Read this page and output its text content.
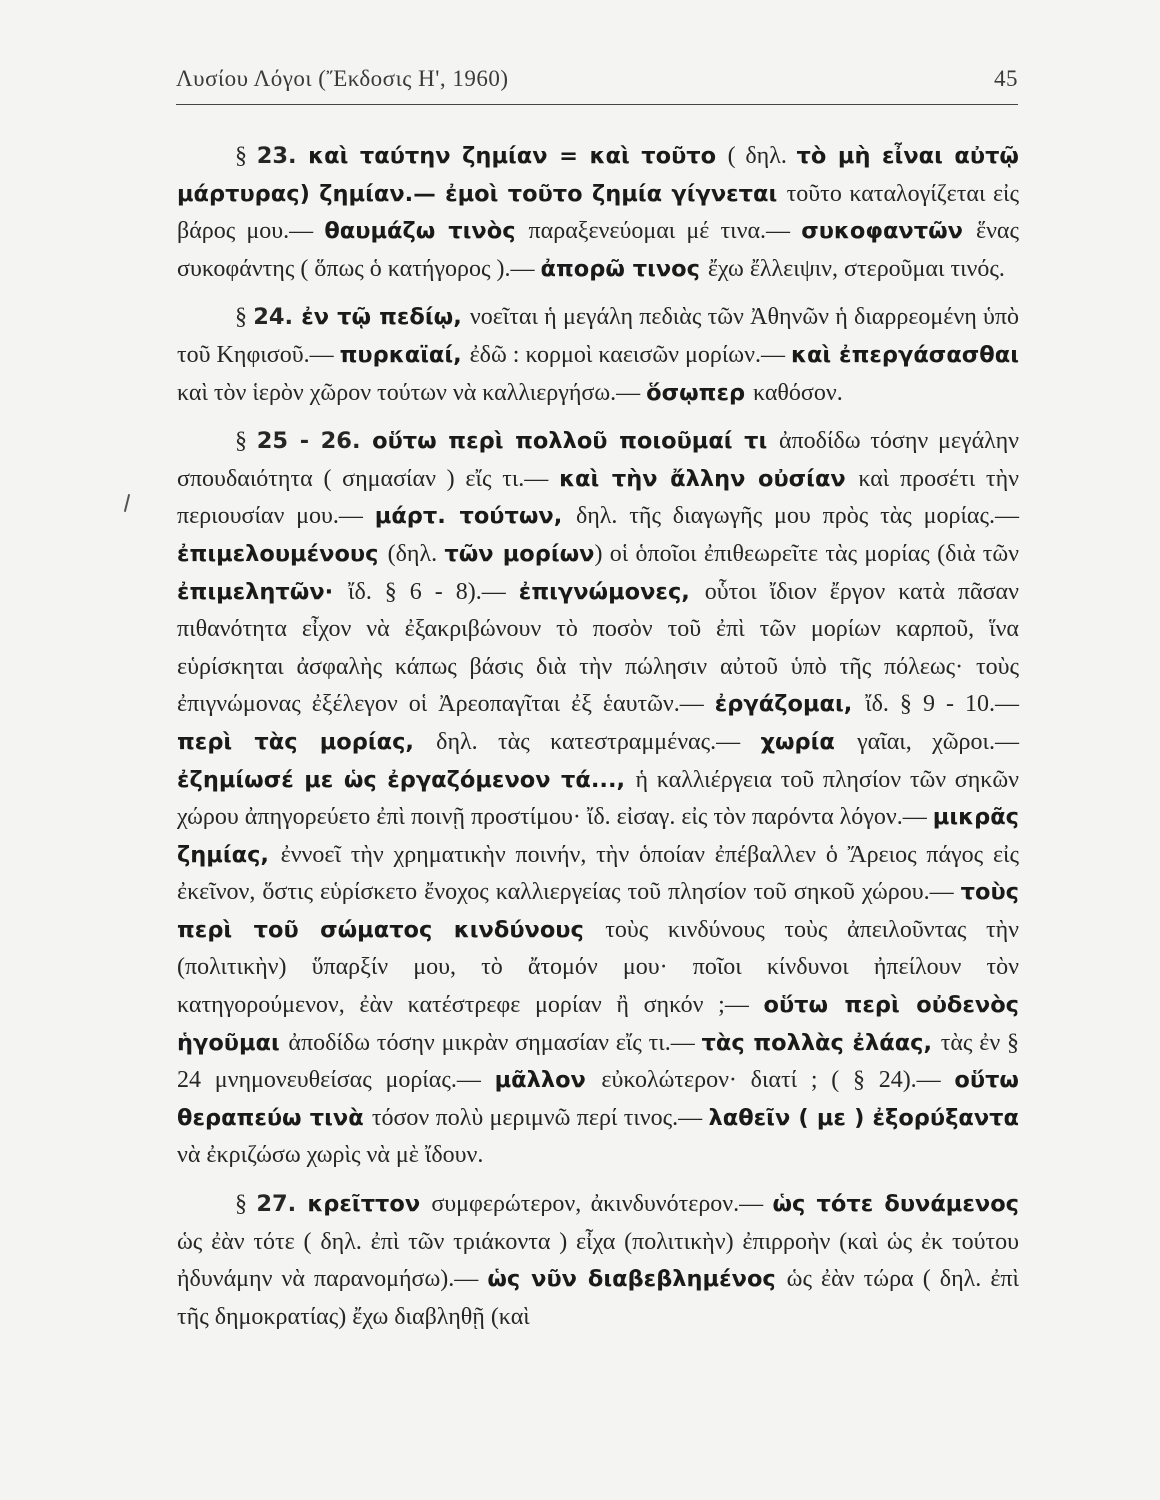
Λυσίου Λόγοι (Ἔκδοσις Η', 1960)	45

§ 23. καὶ ταύτην ζημίαν = καὶ τοῦτο ( δηλ. τὸ μὴ εἶναι αὐτῷ μάρτυρας) ζημίαν.— ἐμοὶ τοῦτο ζημία γίγνεται τοῦτο καταλογίζεται εἰς βάρος μου.— θαυμάζω τινὸς παραξενεύομαι μέ τινα.— συκοφαντῶν ἕνας συκοφάντης ( ὅπως ὁ κατήγορος ).— ἀπορῶ τινος ἔχω ἔλλειψιν, στεροῦμαι τινός.

§ 24. ἐν τῷ πεδίῳ, νοεῖται ἡ μεγάλη πεδιὰς τῶν Ἀθηνῶν ἡ διαρρεομένη ὑπὸ τοῦ Κηφισοῦ.— πυρκαϊαί, ἐδῶ : κορμοὶ καεισῶν μορίων.— καὶ ἐπεργάσασθαι καὶ τὸν ἱερὸν χῶρον τούτων νὰ καλλιεργήσω.— ὅσῳπερ καθόσον.

§ 25 - 26. οὕτω περὶ πολλοῦ ποιοῦμαί τι ἀποδίδω τόσην μεγάλην σπουδαιότητα ( σημασίαν ) εἴς τι.— καὶ τὴν ἄλλην οὐσίαν καὶ προσέτι τὴν περιουσίαν μου.— μάρτ. τούτων, δηλ. τῆς διαγωγῆς μου πρὸς τὰς μορίας.— ἐπιμελουμένους (δηλ. τῶν μορίων) οἱ ὁποῖοι ἐπιθεωρεῖτε τὰς μορίας (διὰ τῶν ἐπιμελητῶν· ἴδ. § 6 - 8).— ἐπιγνώμονες, οὗτοι ἴδιον ἔργον κατὰ πᾶσαν πιθανότητα εἶχον νὰ ἐξακριβώνουν τὸ ποσὸν τοῦ ἐπὶ τῶν μορίων καρποῦ, ἵνα εὑρίσκηται ἀσφαλὴς κάπως βάσις διὰ τὴν πώλησιν αὐτοῦ ὑπὸ τῆς πόλεως· τοὺς ἐπιγνώμονας ἐξέλεγον οἱ Ἀρεοπαγῖται ἐξ ἑαυτῶν.— ἐργάζομαι, ἴδ. § 9 - 10.— περὶ τὰς μορίας, δηλ. τὰς κατεστραμμένας.— χωρία γαῖαι, χῶροι.— ἐζημίωσέ με ὡς ἐργαζόμενον τά..., ἡ καλλιέργεια τοῦ πλησίον τῶν σηκῶν χώρου ἀπηγορεύετο ἐπὶ ποινῇ προστίμου· ἴδ. εἰσαγ. εἰς τὸν παρόντα λόγον.— μικρᾶς ζημίας, ἐννοεῖ τὴν χρηματικὴν ποινήν, τὴν ὁποίαν ἐπέβαλλεν ὁ Ἄρειος πάγος εἰς ἐκεῖνον, ὅστις εὑρίσκετο ἔνοχος καλλιεργείας τοῦ πλησίον τοῦ σηκοῦ χώρου.— τοὺς περὶ τοῦ σώματος κινδύνους τοὺς κινδύνους τοὺς ἀπειλοῦντας τὴν (πολιτικὴν) ὕπαρξίν μου, τὸ ἄτομόν μου· ποῖοι κίνδυνοι ἠπείλουν τὸν κατηγορούμενον, ἐὰν κατέστρεφε μορίαν ἢ σηκόν ;— οὕτω περὶ οὐδενὸς ἡγοῦμαι ἀποδίδω τόσην μικρὰν σημασίαν εἴς τι.— τὰς πολλὰς ἐλάας, τὰς ἐν § 24 μνημονευθείσας μορίας.— μᾶλλον εὐκολώτερον· διατί ; ( § 24).— οὕτω θεραπεύω τινὰ τόσον πολὺ μεριμνῶ περί τινος.— λαθεῖν ( με ) ἐξορύξαντα νὰ ἐκριζώσω χωρὶς νὰ μὲ ἴδουν.

§ 27. κρεῖττον συμφερώτερον, ἀκινδυνότερον.— ὡς τότε δυνάμενος ὡς ἐὰν τότε ( δηλ. ἐπὶ τῶν τριάκοντα ) εἶχα (πολιτικὴν) ἐπιρροὴν (καὶ ὡς ἐκ τούτου ἠδυνάμην νὰ παρανομήσω).— ὡς νῦν διαβεβλημένος ὡς ἐὰν τώρα ( δηλ. ἐπὶ τῆς δημοκρατίας) ἔχω διαβληθῇ (καὶ
